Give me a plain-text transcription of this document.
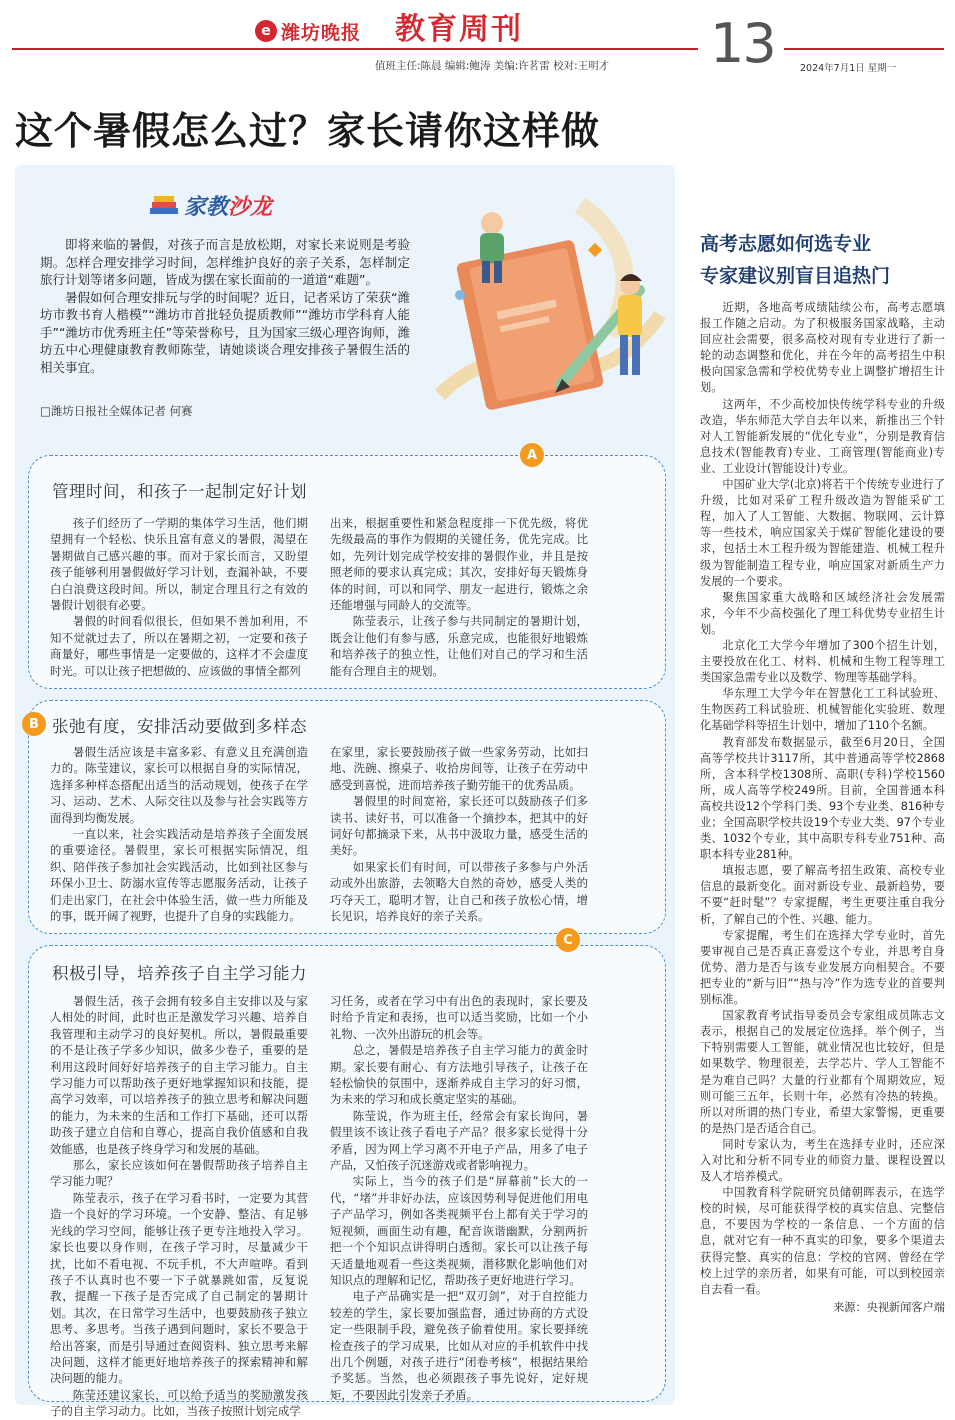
e 潍坊晚报 教育周刊
值班主任:陈晨 编辑:鲍涛 美编:许茗雷 校对:王明才 13	2024年7月1日 星期一
这个暑假怎么过？家长请你这样做
家教沙龙

即将来临的暑假，对孩子而言是放松期，对家长来说则是考验期。怎样合理安排学习时间，怎样维护良好的亲子关系，怎样制定旅行计划等诸多问题，皆成为摆在家长面前的一道道“难题”。

暑假如何合理安排玩与学的时间呢？近日，记者采访了荣获“潍坊市教书育人楷模”“潍坊市首批轻负提质教师”“潍坊市学科育人能手”“潍坊市优秀班主任”等荣誉称号，且为国家三级心理咨询师，潍坊五中心理健康教育教师陈莹，请她谈谈合理安排孩子暑假生活的相关事宜。

□潍坊日报社全媒体记者 何赛
A
管理时间，和孩子一起制定好计划

孩子们经历了一学期的集体学习生活，他们期望拥有一个轻松、快乐且富有意义的暑假，渴望在暑期做自己感兴趣的事。而对于家长而言，又盼望孩子能够利用暑假做好学习计划，查漏补缺，不要白白浪费这段时间。所以，制定合理且行之有效的暑假计划很有必要。

暑假的时间看似很长，但如果不善加利用，不知不觉就过去了，所以在暑期之初，一定要和孩子商量好，哪些事情是一定要做的，这样才不会虚度时光。可以让孩子把想做的、应该做的事情全都列

出来，根据重要性和紧急程度排一下优先级，将优先级最高的事作为假期的关键任务，优先完成。比如，先列计划完成学校安排的暑假作业，并且是按照老师的要求认真完成；其次，安排好每天锻炼身体的时间，可以和同学、朋友一起进行，锻炼之余还能增强与同龄人的交流等。

陈莹表示，让孩子参与共同制定的暑期计划，既会让他们有参与感，乐意完成，也能很好地锻炼和培养孩子的独立性，让他们对自己的学习和生活能有合理自主的规划。

B 张弛有度，安排活动要做到多样态

暑假生活应该是丰富多彩、有意义且充满创造力的。陈莹建议，家长可以根据自身的实际情况，选择多种样态搭配出适当的活动规划，使孩子在学习、运动、艺术、人际交往以及参与社会实践等方面得到均衡发展。

一直以来，社会实践活动是培养孩子全面发展的重要途径。暑假里，家长可根据实际情况，组织、陪伴孩子参加社会实践活动，比如到社区参与环保小卫士、防溺水宣传等志愿服务活动，让孩子们走出家门，在社会中体验生活，做一些力所能及的事，既开阔了视野，也提升了自身的实践能力。

在家里，家长要鼓励孩子做一些家务劳动，比如扫地、洗碗、擦桌子、收拾房间等，让孩子在劳动中感受到喜悦，进而培养孩子勤劳能干的优秀品质。

暑假里的时间宽裕，家长还可以鼓励孩子们多读书、读好书，可以准备一个摘抄本，把其中的好词好句都摘录下来，从书中汲取力量，感受生活的美好。

如果家长们有时间，可以带孩子多参与户外活动或外出旅游，去领略大自然的奇妙，感受人类的巧夺天工，聪明才智，让自己和孩子放松心情，增长见识，培养良好的亲子关系。

C
积极引导，培养孩子自主学习能力

暑假生活，孩子会拥有较多自主安排以及与家人相处的时间，此时也正是激发学习兴趣、培养自我管理和主动学习的良好契机。所以，暑假最重要的不是让孩子学多少知识，做多少卷子，重要的是利用这段时间好好培养孩子的自主学习能力。自主学习能力可以帮助孩子更好地掌握知识和技能，提高学习效率，可以培养孩子的独立思考和解决问题的能力，为未来的生活和工作打下基础，还可以帮助孩子建立自信和自尊心，提高自我价值感和自我效能感，也是孩子终身学习和发展的基础。

那么，家长应该如何在暑假帮助孩子培养自主学习能力呢？

陈莹表示，孩子在学习看书时，一定要为其营造一个良好的学习环境。一个安静、整洁、有足够光线的学习空间，能够让孩子更专注地投入学习。家长也要以身作则，在孩子学习时，尽量减少干扰，比如不看电视、不玩手机，不大声喧哗。看到孩子不认真时也不要一下子就暴跳如雷，反复说教，提醒一下孩子是否完成了自己制定的暑期计划。其次，在日常学习生活中，也要鼓励孩子独立思考、多思考。当孩子遇到问题时，家长不要急于给出答案，而是引导通过查阅资料、独立思考来解决问题，这样才能更好地培养孩子的探索精神和解决问题的能力。

陈莹还建议家长，可以给予适当的奖励激发孩子的自主学习动力。比如，当孩子按照计划完成学

习任务，或者在学习中有出色的表现时，家长要及时给予肯定和表扬，也可以适当奖励，比如一个小礼物、一次外出游玩的机会等。

总之，暑假是培养孩子自主学习能力的黄金时期。家长要有耐心、有方法地引导孩子，让孩子在轻松愉快的氛围中，逐渐养成自主学习的好习惯，为未来的学习和成长奠定坚实的基础。

陈莹说，作为班主任，经常会有家长询问，暑假里该不该让孩子看电子产品？很多家长觉得十分矛盾，因为网上学习离不开电子产品，用多了电子产品，又怕孩子沉迷游戏或者影响视力。

实际上，当今的孩子们是“屏幕前”长大的一代，“堵”并非好办法，应该因势利导促进他们用电子产品学习，例如各类视频平台上都有关于学习的短视频，画面生动有趣，配音诙谐幽默，分割两折把一个个知识点讲得明白透彻。家长可以让孩子每天适量地观看一些这类视频，潜移默化影响他们对知识点的理解和记忆，帮助孩子更好地进行学习。

电子产品确实是一把“双刃剑”，对于自控能力较差的学生，家长要加强监督，通过协商的方式设定一些限制手段，避免孩子偷着使用。家长要择统检查孩子的学习成果，比如从对应的手机软件中找出几个例题，对孩子进行“闭卷考核”，根据结果给予奖惩。当然，也必须跟孩子事先说好，定好规矩，不要因此引发亲子矛盾。

高考志愿如何选专业
专家建议别盲目追热门

近期，各地高考成绩陆续公布，高考志愿填报工作随之启动。为了积极服务国家战略，主动回应社会需要，很多高校对现有专业进行了新一轮的动态调整和优化，并在今年的高考招生中积极向国家急需和学校优势专业上调整扩增招生计划。

这两年，不少高校加快传统学科专业的升级改造，华东师范大学自去年以来，新推出三个针对人工智能新发展的“优化专业”，分别是教育信息技术(智能教育)专业、工商管理(智能商业)专业、工业设计(智能设计)专业。

中国矿业大学(北京)将若干个传统专业进行了升级，比如对采矿工程升级改造为智能采矿工程，加入了人工智能、大数据、物联网、云计算等一些技术，响应国家关于煤矿智能化建设的要求，包括土木工程升级为智能建造、机械工程升级为智能制造工程专业，响应国家对新质生产力发展的一个要求。

聚焦国家重大战略和区域经济社会发展需求，今年不少高校强化了理工科优势专业招生计划。

北京化工大学今年增加了300个招生计划，主要投放在化工、材料、机械和生物工程等理工类国家急需专业以及数学、物理等基础学科。

华东理工大学今年在智慧化工工科试验班、生物医药工科试验班、机械智能化实验班、数理化基础学科等招生计划中，增加了110个名额。

教育部发布数据显示，截至6月20日，全国高等学校共计3117所，其中普通高等学校2868所，含本科学校1308所、高职(专科)学校1560所，成人高等学校249所。目前，全国普通本科高校共设12个学科门类、93个专业类、816种专业；全国高职学校共设19个专业大类、97个专业类、1032个专业，其中高职专科专业751种、高职本科专业281种。

填报志愿，要了解高考招生政策、高校专业信息的最新变化。面对新设专业、最新趋势，要不要“赶时髦”？专家提醒，考生更要注重自我分析，了解自己的个性、兴趣、能力。

专家提醒，考生们在选择大学专业时，首先要审视自己是否真正喜爱这个专业，并思考自身优势、潜力是否与该专业发展方向相契合。不要把专业的“新与旧”“热与冷”作为选专业的首要判别标准。

国家教育考试指导委员会专家组成员陈志文表示，根据自己的发展定位选择。举个例子，当下特别需要人工智能，就业情况也比较好，但是如果数学、物理很差，去学芯片、学人工智能不是为难自己吗？大量的行业都有个周期效应，短则可能三五年，长则十年，必然有冷热的转换。所以对所谓的热门专业，希望大家警惕，更重要的是热门是否适合自己。

同时专家认为，考生在选择专业时，还应深入对比和分析不同专业的师资力量、课程设置以及人才培养模式。

中国教育科学院研究员储朝晖表示，在选学校的时候，尽可能获得学校的真实信息、完整信息，不要因为学校的一条信息、一个方面的信息，就对它有一种不真实的印象，要多个渠道去获得完整、真实的信息：学校的官网、曾经在学校上过学的亲历者，如果有可能，可以到校园亲自去看一看。

来源：央视新闻客户端
